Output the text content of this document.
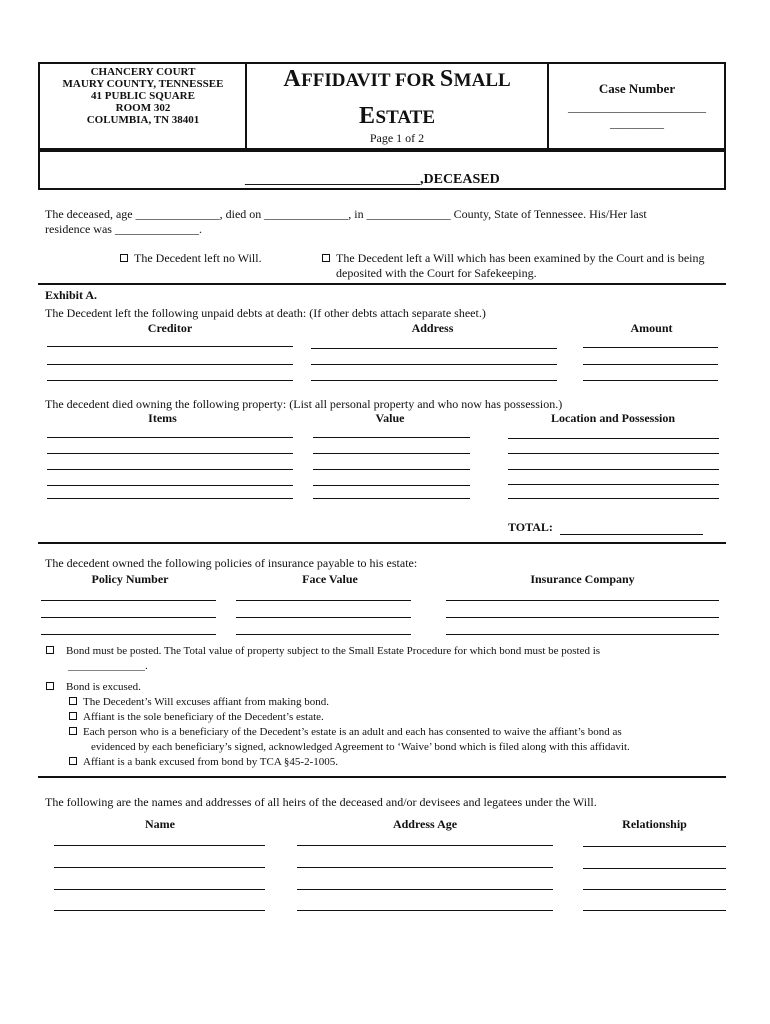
CHANCERY COURT
MAURY COUNTY, TENNESSEE
41 PUBLIC SQUARE
ROOM 302
COLUMBIA, TN 38401
AFFIDAVIT FOR SMALL
ESTATE
Page 1 of 2
Case Number
_______________________
_________
_________________________,DECEASED
The deceased, age ______________, died on ______________, in ______________ County, State of Tennessee. His/Her last
residence was ______________.
The Decedent left no Will.	The Decedent left a Will which has been examined by the Court and is being
deposited with the Court for Safekeeping.
Exhibit A.
The Decedent left the following unpaid debts at death: (If other debts attach separate sheet.)
Creditor	Address	Amount
The decedent died owning the following property: (List all personal property and who now has possession.)
Items	Value	Location and Possession
TOTAL:
The decedent owned the following policies of insurance payable to his estate:
Policy Number	Face Value	Insurance Company
Bond must be posted. The Total value of property subject to the Small Estate Procedure for which bond must be posted is
______________.
Bond is excused.
The Decedent’s Will excuses affiant from making bond.
Affiant is the sole beneficiary of the Decedent’s estate.
Each person who is a beneficiary of the Decedent’s estate is an adult and each has consented to waive the affiant’s bond as
evidenced by each beneficiary’s signed, acknowledged Agreement to ‘Waive’ bond which is filed along with this affidavit.
Affiant is a bank excused from bond by TCA §45-2-1005.
The following are the names and addresses of all heirs of the deceased and/or devisees and legatees under the Will.
Name	Address Age	Relationship
